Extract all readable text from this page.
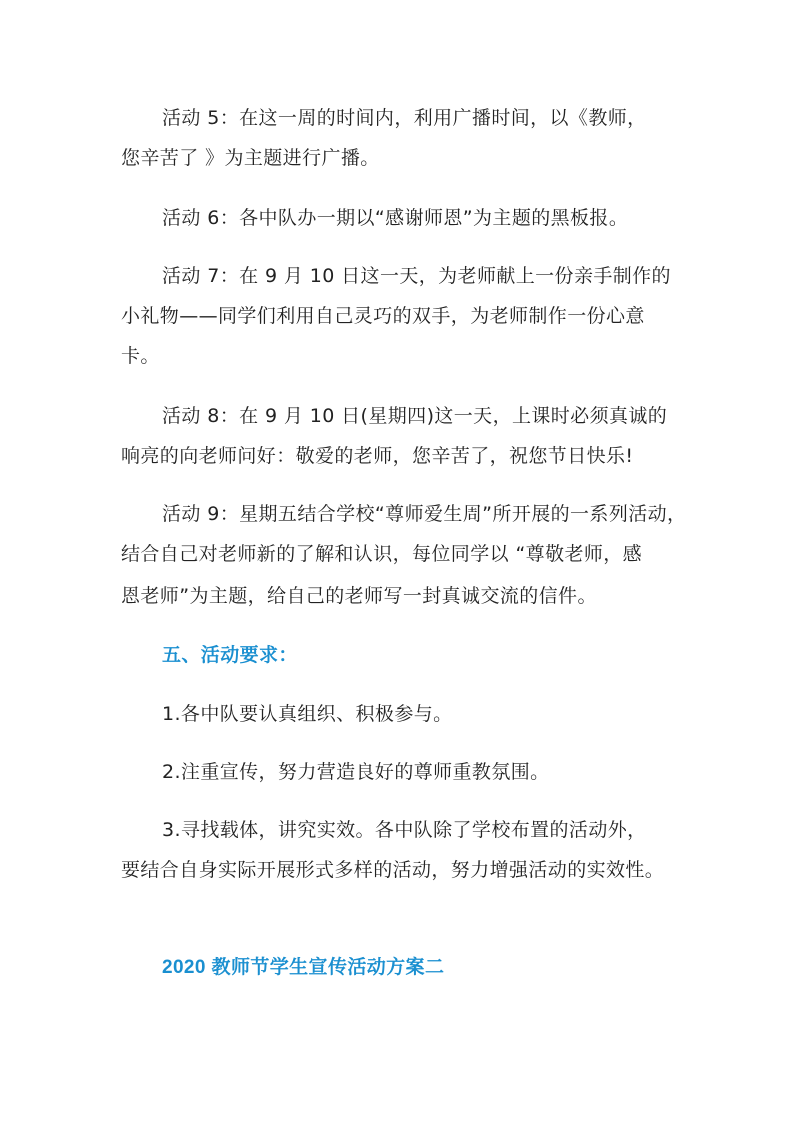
活动 5：在这一周的时间内，利用广播时间，以《教师，
您辛苦了 》为主题进行广播。
活动 6：各中队办一期以“感谢师恩”为主题的黑板报。
活动 7：在 9 月 10 日这一天，为老师献上一份亲手制作的
小礼物——同学们利用自己灵巧的双手，为老师制作一份心意
卡。
活动 8：在 9 月 10 日(星期四)这一天，上课时必须真诚的
响亮的向老师问好：敬爱的老师，您辛苦了，祝您节日快乐!
活动 9：星期五结合学校“尊师爱生周”所开展的一系列活动，
结合自己对老师新的了解和认识，每位同学以 “尊敬老师，感
恩老师”为主题，给自己的老师写一封真诚交流的信件。
五、活动要求：
1.各中队要认真组织、积极参与。
2.注重宣传，努力营造良好的尊师重教氛围。
3.寻找载体，讲究实效。各中队除了学校布置的活动外，
要结合自身实际开展形式多样的活动，努力增强活动的实效性。
2020 教师节学生宣传活动方案二
